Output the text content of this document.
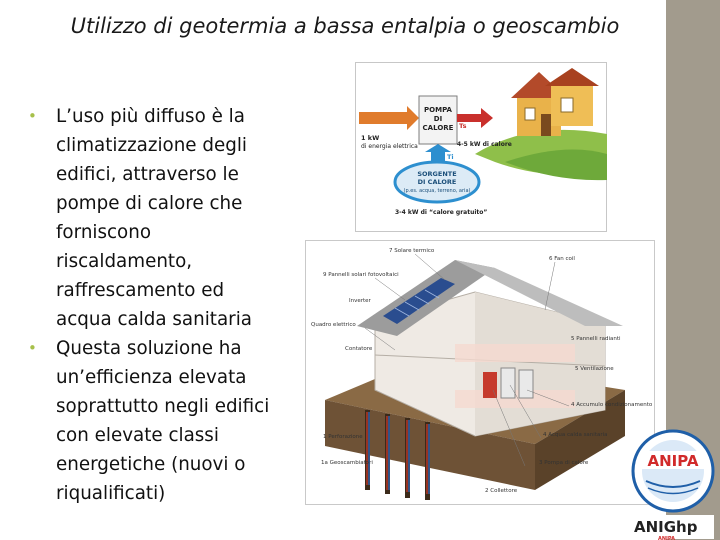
Utilizzo di geotermia a bassa entalpia o geoscambio
• L’uso più diffuso è la climatizzazione degli edifici, attraverso le pompe di calore che forniscono riscaldamento, raffrescamento ed acqua calda sanitaria
• Questa soluzione ha un’efficienza elevata soprattutto negli edifici con elevate classi energetiche (nuovi o riqualificati)
1 kW
di energia elettrica
POMPA
DI
CALORE Ts
4-5 kW di calore
Ti
SORGENTE
DI CALORE
(p.es. acqua, terreno, aria)
3-4 kW di “calore gratuito”
7 Solare termico
6 Fan coil
9 Pannelli solari fotovoltaici
Inverter
Quadro elettrico
Contatore
1 Perforazione
1a Geoscambiatori
2 Collettore
3 Pompa di calore
4 Acqua calda sanitaria
4 Accumulo condizionamento
5 Pannelli radianti
5 Ventilazione
ANIPA
ANIGhp
ANIPA
